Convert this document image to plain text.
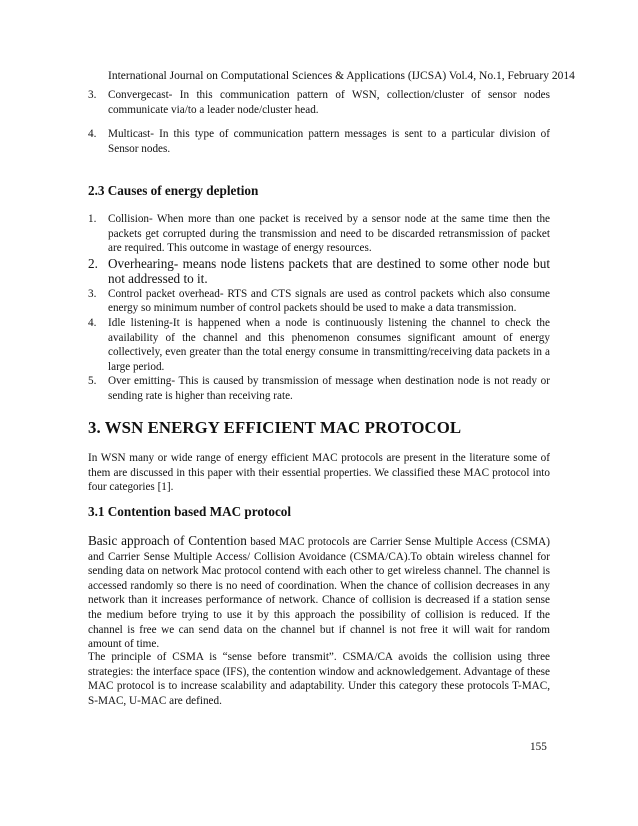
International Journal on Computational Sciences & Applications (IJCSA) Vol.4, No.1, February 2014
3. Convergecast- In this communication pattern of WSN, collection/cluster of sensor nodes communicate via/to a leader node/cluster head.
4. Multicast- In this type of communication pattern messages is sent to a particular division of Sensor nodes.
2.3 Causes of energy depletion
1. Collision- When more than one packet is received by a sensor node at the same time then the packets get corrupted during the transmission and need to be discarded retransmission of packet are required. This outcome in wastage of energy resources.
2. Overhearing- means node listens packets that are destined to some other node but not addressed to it.
3. Control packet overhead- RTS and CTS signals are used as control packets which also consume energy so minimum number of control packets should be used to make a data transmission.
4. Idle listening-It is happened when a node is continuously listening the channel to check the availability of the channel and this phenomenon consumes significant amount of energy collectively, even greater than the total energy consume in transmitting/receiving data packets in a large period.
5. Over emitting- This is caused by transmission of message when destination node is not ready or sending rate is higher than receiving rate.
3. WSN ENERGY EFFICIENT MAC PROTOCOL
In WSN many or wide range of energy efficient MAC protocols are present in the literature some of them are discussed in this paper with their essential properties. We classified these MAC protocol into four categories [1].
3.1 Contention based MAC protocol
Basic approach of Contention based MAC protocols are Carrier Sense Multiple Access (CSMA) and Carrier Sense Multiple Access/ Collision Avoidance (CSMA/CA).To obtain wireless channel for sending data on network Mac protocol contend with each other to get wireless channel. The channel is accessed randomly so there is no need of coordination. When the chance of collision decreases in any network than it increases performance of network. Chance of collision is decreased if a station sense the medium before trying to use it by this approach the possibility of collision is reduced. If the channel is free we can send data on the channel but if channel is not free it will wait for random amount of time.
The principle of CSMA is “sense before transmit”. CSMA/CA avoids the collision using three strategies: the interface space (IFS), the contention window and acknowledgement. Advantage of these MAC protocol is to increase scalability and adaptability. Under this category these protocols T-MAC, S-MAC, U-MAC are defined.
155
